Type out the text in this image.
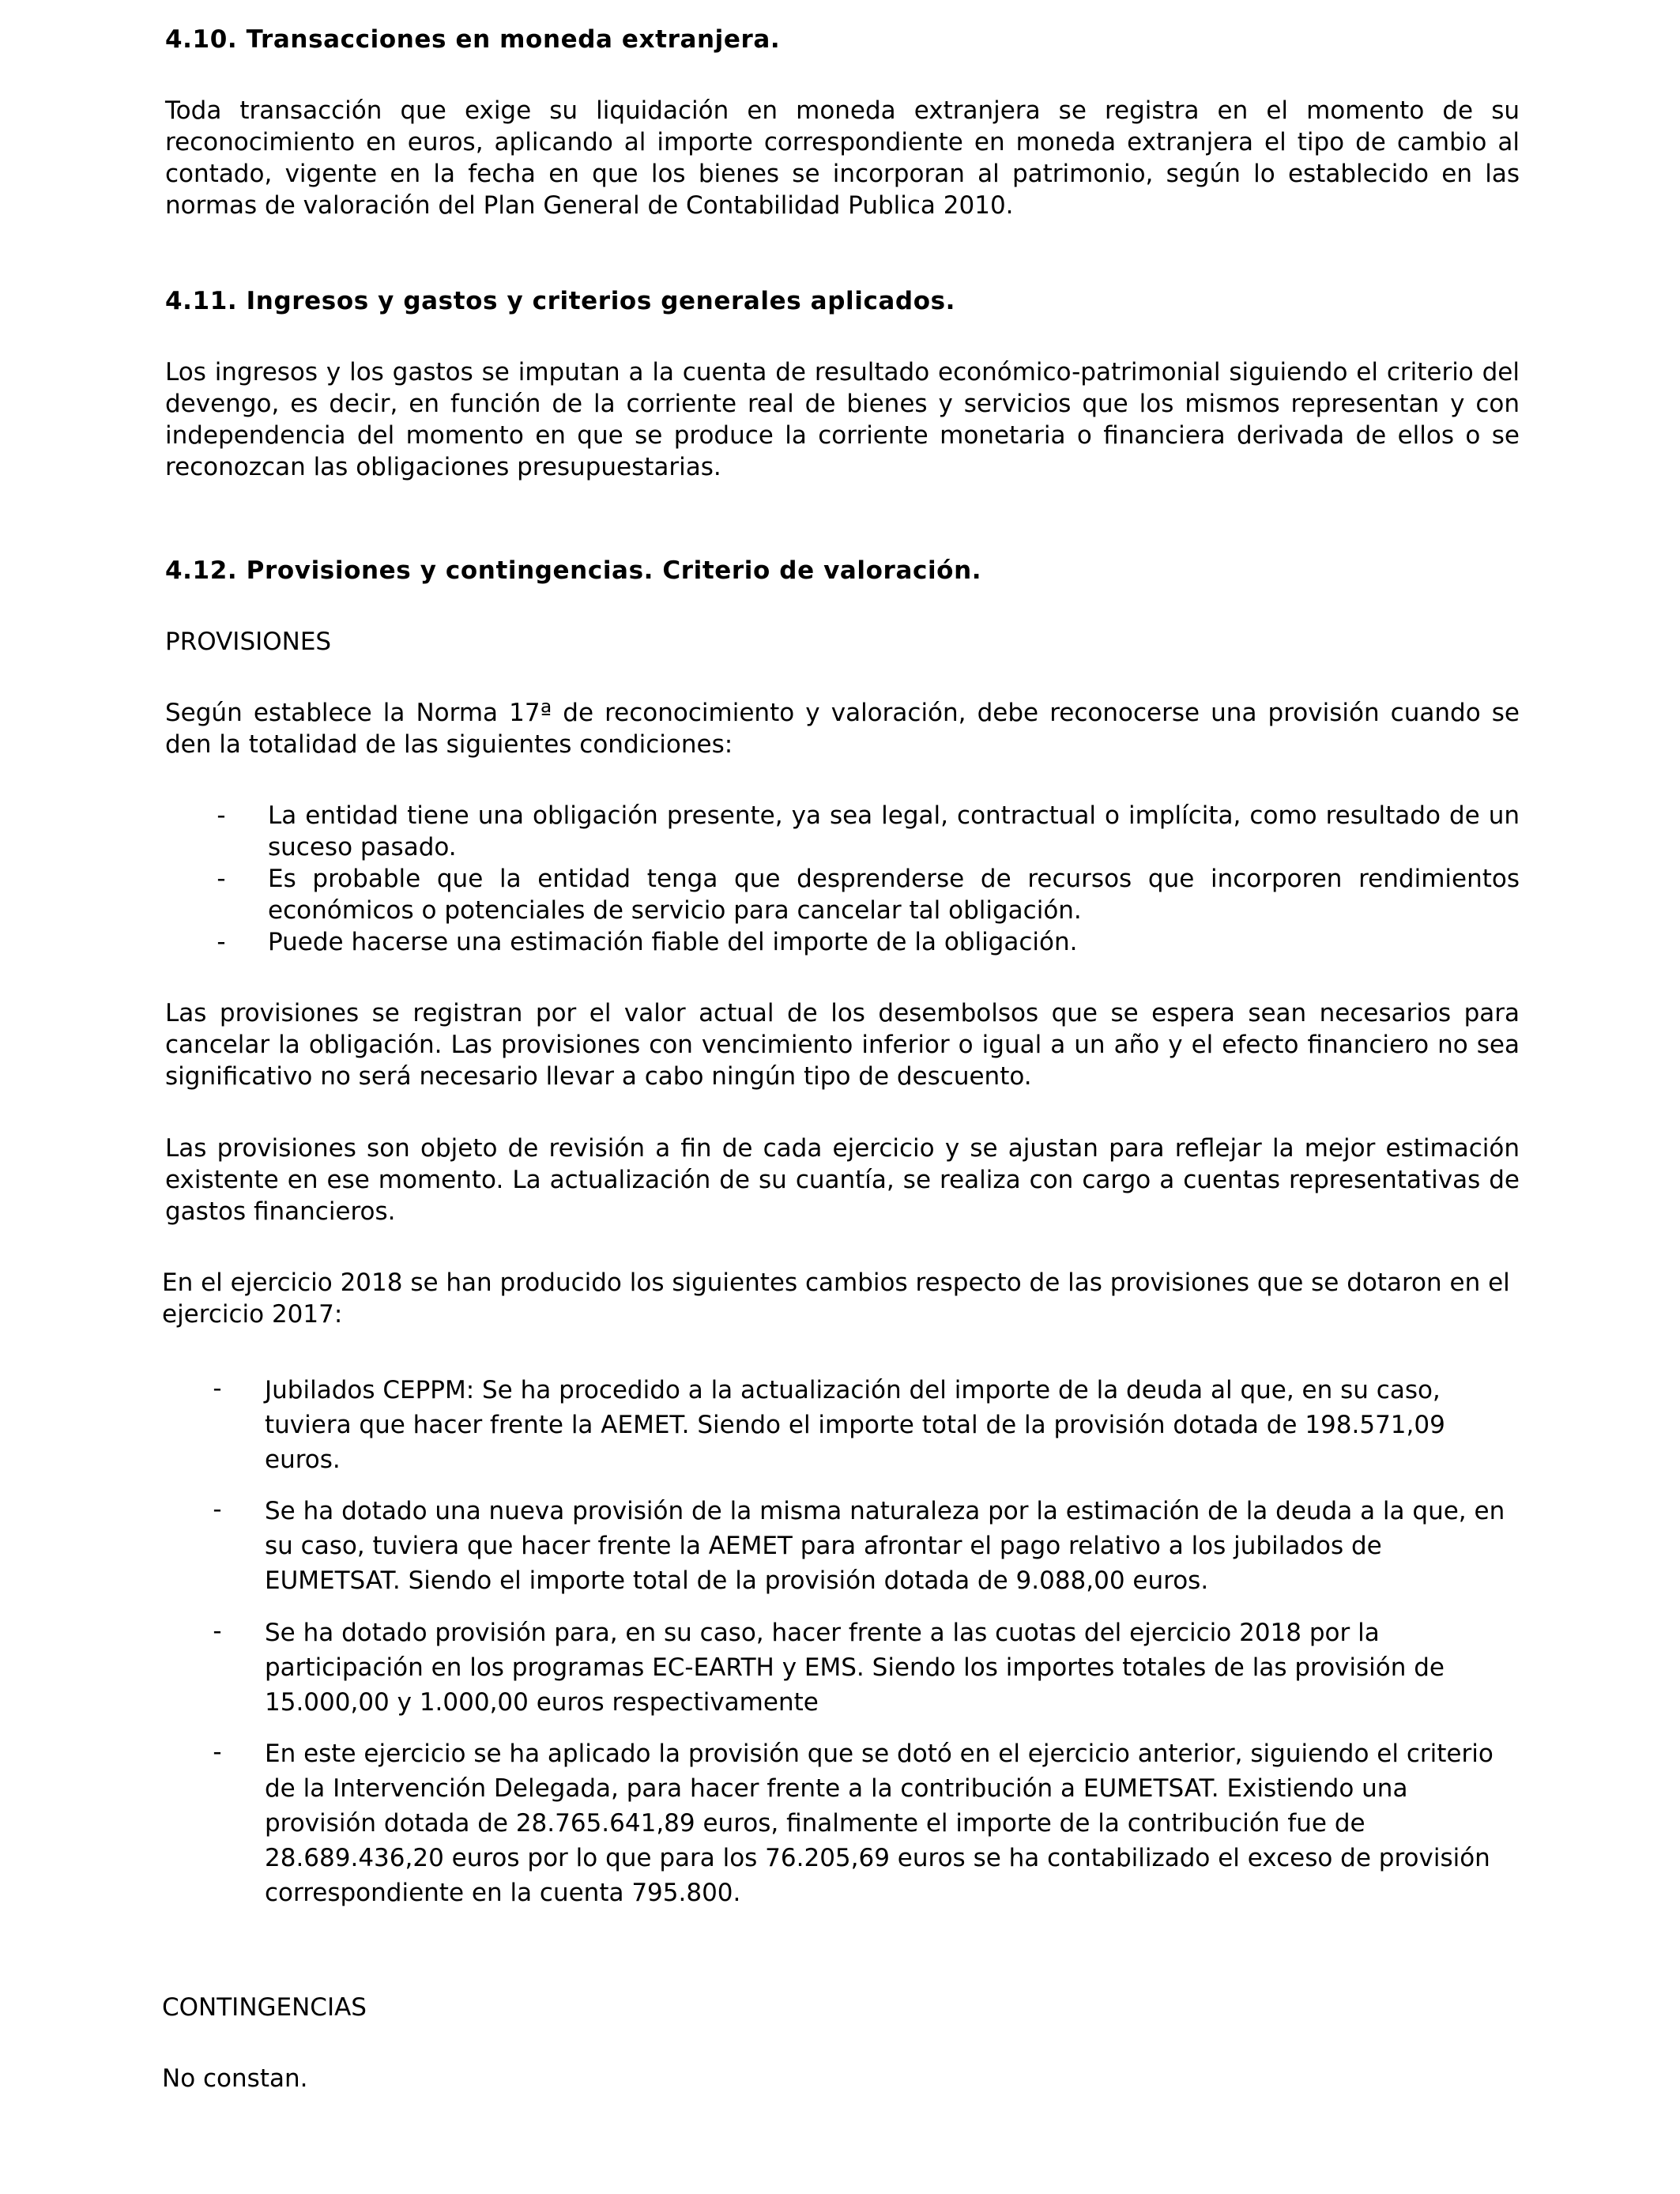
4.10. Transacciones en moneda extranjera.

Toda transacción que exige su liquidación en moneda extranjera se registra en el momento de su reconocimiento en euros, aplicando al importe correspondiente en moneda extranjera el tipo de cambio al contado, vigente en la fecha en que los bienes se incorporan al patrimonio, según lo establecido en las normas de valoración del Plan General de Contabilidad Publica 2010.

4.11. Ingresos y gastos y criterios generales aplicados.

Los ingresos y los gastos se imputan a la cuenta de resultado económico-patrimonial siguiendo el criterio del devengo, es decir, en función de la corriente real de bienes y servicios que los mismos representan y con independencia del momento en que se produce la corriente monetaria o financiera derivada de ellos o se reconozcan las obligaciones presupuestarias.

4.12. Provisiones y contingencias. Criterio de valoración.

PROVISIONES

Según establece la Norma 17ª de reconocimiento y valoración, debe reconocerse una provisión cuando se den la totalidad de las siguientes condiciones:

- La entidad tiene una obligación presente, ya sea legal, contractual o implícita, como resultado de un suceso pasado.

- Es probable que la entidad tenga que desprenderse de recursos que incorporen rendimientos económicos o potenciales de servicio para cancelar tal obligación.

- Puede hacerse una estimación fiable del importe de la obligación.

Las provisiones se registran por el valor actual de los desembolsos que se espera sean necesarios para cancelar la obligación. Las provisiones con vencimiento inferior o igual a un año y el efecto financiero no sea significativo no será necesario llevar a cabo ningún tipo de descuento.

Las provisiones son objeto de revisión a fin de cada ejercicio y se ajustan para reflejar la mejor estimación existente en ese momento. La actualización de su cuantía, se realiza con cargo a cuentas representativas de gastos financieros.

En el ejercicio 2018 se han producido los siguientes cambios respecto de las provisiones que se dotaron en el ejercicio 2017:

- Jubilados CEPPM: Se ha procedido a la actualización del importe de la deuda al que, en su caso, tuviera que hacer frente la AEMET. Siendo el importe total de la provisión dotada de 198.571,09 euros.

- Se ha dotado una nueva provisión de la misma naturaleza por la estimación de la deuda a la que, en su caso, tuviera que hacer frente la AEMET para afrontar el pago relativo a los jubilados de EUMETSAT. Siendo el importe total de la provisión dotada de 9.088,00 euros.

- Se ha dotado provisión para, en su caso, hacer frente a las cuotas del ejercicio 2018 por la participación en los programas EC-EARTH y EMS. Siendo los importes totales de las provisión de 15.000,00 y 1.000,00 euros respectivamente

- En este ejercicio se ha aplicado la provisión que se dotó en el ejercicio anterior, siguiendo el criterio de la Intervención Delegada, para hacer frente a la contribución a EUMETSAT. Existiendo una provisión dotada de 28.765.641,89 euros, finalmente el importe de la contribución fue de 28.689.436,20 euros por lo que para los 76.205,69 euros se ha contabilizado el exceso de provisión correspondiente en la cuenta 795.800.

CONTINGENCIAS

No constan.
